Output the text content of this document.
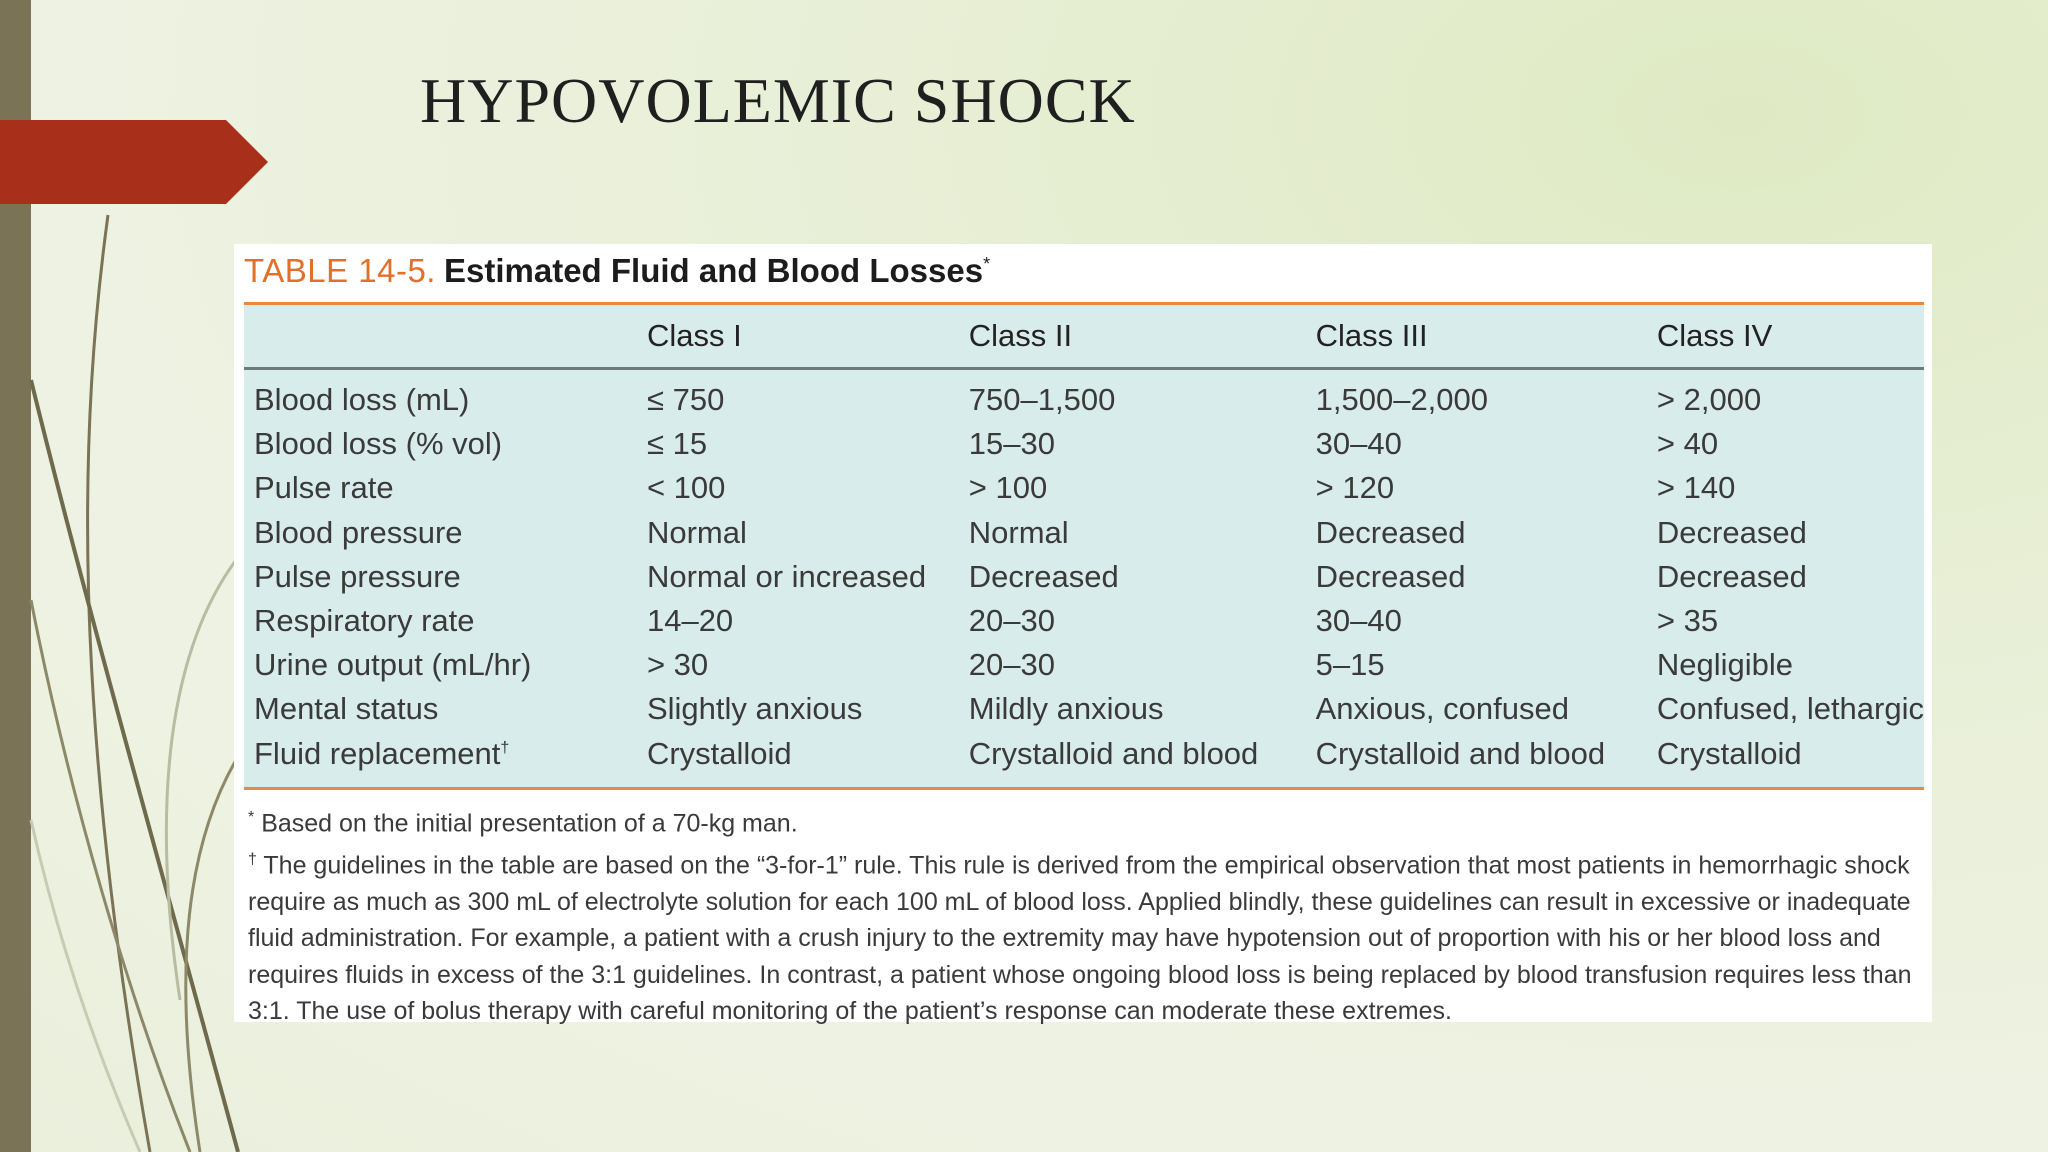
HYPOVOLEMIC SHOCK
TABLE 14-5. Estimated Fluid and Blood Losses*
	Class I	Class II	Class III	Class IV
Blood loss (mL)	≤ 750	750–1,500	1,500–2,000	> 2,000
Blood loss (% vol)	≤ 15	15–30	30–40	> 40
Pulse rate	< 100	> 100	> 120	> 140
Blood pressure	Normal	Normal	Decreased	Decreased
Pulse pressure	Normal or increased	Decreased	Decreased	Decreased
Respiratory rate	14–20	20–30	30–40	> 35
Urine output (mL/hr)	> 30	20–30	5–15	Negligible
Mental status	Slightly anxious	Mildly anxious	Anxious, confused	Confused, lethargic
Fluid replacement†	Crystalloid	Crystalloid and blood	Crystalloid and blood	Crystalloid

* Based on the initial presentation of a 70-kg man.

† The guidelines in the table are based on the “3-for-1” rule. This rule is derived from the empirical observation that most patients in hemorrhagic shock require as much as 300 mL of electrolyte solution for each 100 mL of blood loss. Applied blindly, these guidelines can result in excessive or inadequate fluid administration. For example, a patient with a crush injury to the extremity may have hypotension out of proportion with his or her blood loss and requires fluids in excess of the 3:1 guidelines. In contrast, a patient whose ongoing blood loss is being replaced by blood transfusion requires less than 3:1. The use of bolus therapy with careful monitoring of the patient’s response can moderate these extremes.
